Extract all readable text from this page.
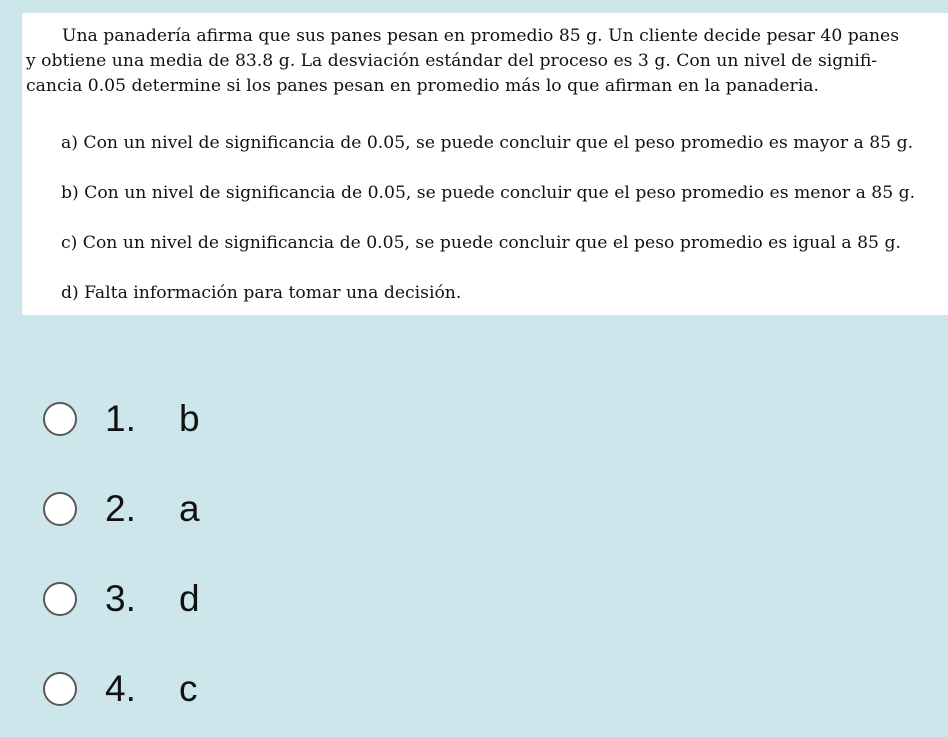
Una panadería afirma que sus panes pesan en promedio 85 g. Un cliente decide pesar 40 panes
y obtiene una media de 83.8 g. La desviación estándar del proceso es 3 g. Con un nivel de signifi-
cancia 0.05 determine si los panes pesan en promedio más lo que afirman en la panaderia.
a) Con un nivel de significancia de 0.05, se puede concluir que el peso promedio es mayor a 85 g.
b) Con un nivel de significancia de 0.05, se puede concluir que el peso promedio es menor a 85 g.
c) Con un nivel de significancia de 0.05, se puede concluir que el peso promedio es igual a 85 g.
d) Falta información para tomar una decisión.
1.	b
2.	a
3.	d
4.	c
